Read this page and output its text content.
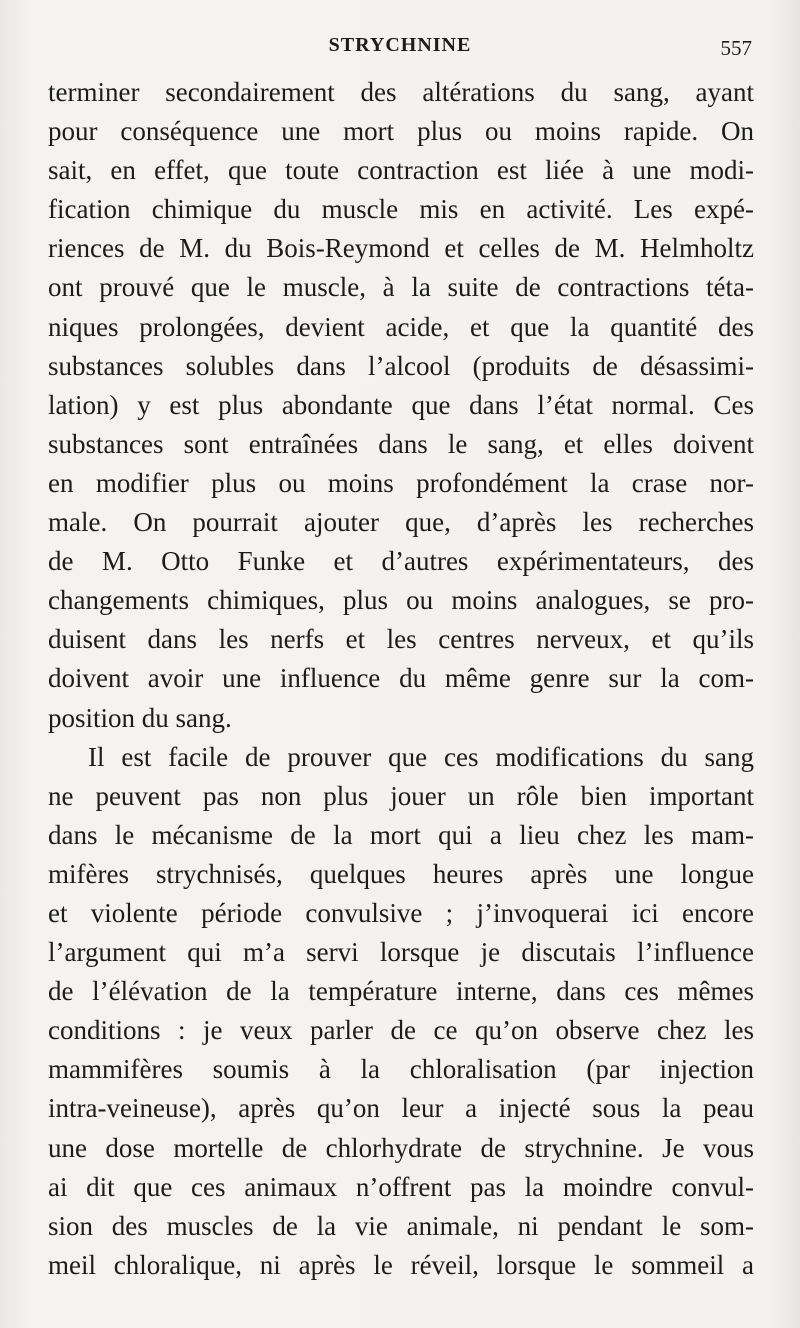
STRYCHNINE	557
terminer secondairement des altérations du sang, ayant
pour conséquence une mort plus ou moins rapide. On
sait, en effet, que toute contraction est liée à une modi-
fication chimique du muscle mis en activité. Les expé-
riences de M. du Bois-Reymond et celles de M. Helmholtz
ont prouvé que le muscle, à la suite de contractions téta-
niques prolongées, devient acide, et que la quantité des
substances solubles dans l’alcool (produits de désassimi-
lation) y est plus abondante que dans l’état normal. Ces
substances sont entraînées dans le sang, et elles doivent
en modifier plus ou moins profondément la crase nor-
male. On pourrait ajouter que, d’après les recherches
de M. Otto Funke et d’autres expérimentateurs, des
changements chimiques, plus ou moins analogues, se pro-
duisent dans les nerfs et les centres nerveux, et qu’ils
doivent avoir une influence du même genre sur la com-
position du sang.
Il est facile de prouver que ces modifications du sang
ne peuvent pas non plus jouer un rôle bien important
dans le mécanisme de la mort qui a lieu chez les mam-
mifères strychnisés, quelques heures après une longue
et violente période convulsive ; j’invoquerai ici encore
l’argument qui m’a servi lorsque je discutais l’influence
de l’élévation de la température interne, dans ces mêmes
conditions : je veux parler de ce qu’on observe chez les
mammifères soumis à la chloralisation (par injection
intra-veineuse), après qu’on leur a injecté sous la peau
une dose mortelle de chlorhydrate de strychnine. Je vous
ai dit que ces animaux n’offrent pas la moindre convul-
sion des muscles de la vie animale, ni pendant le som-
meil chloralique, ni après le réveil, lorsque le sommeil a
